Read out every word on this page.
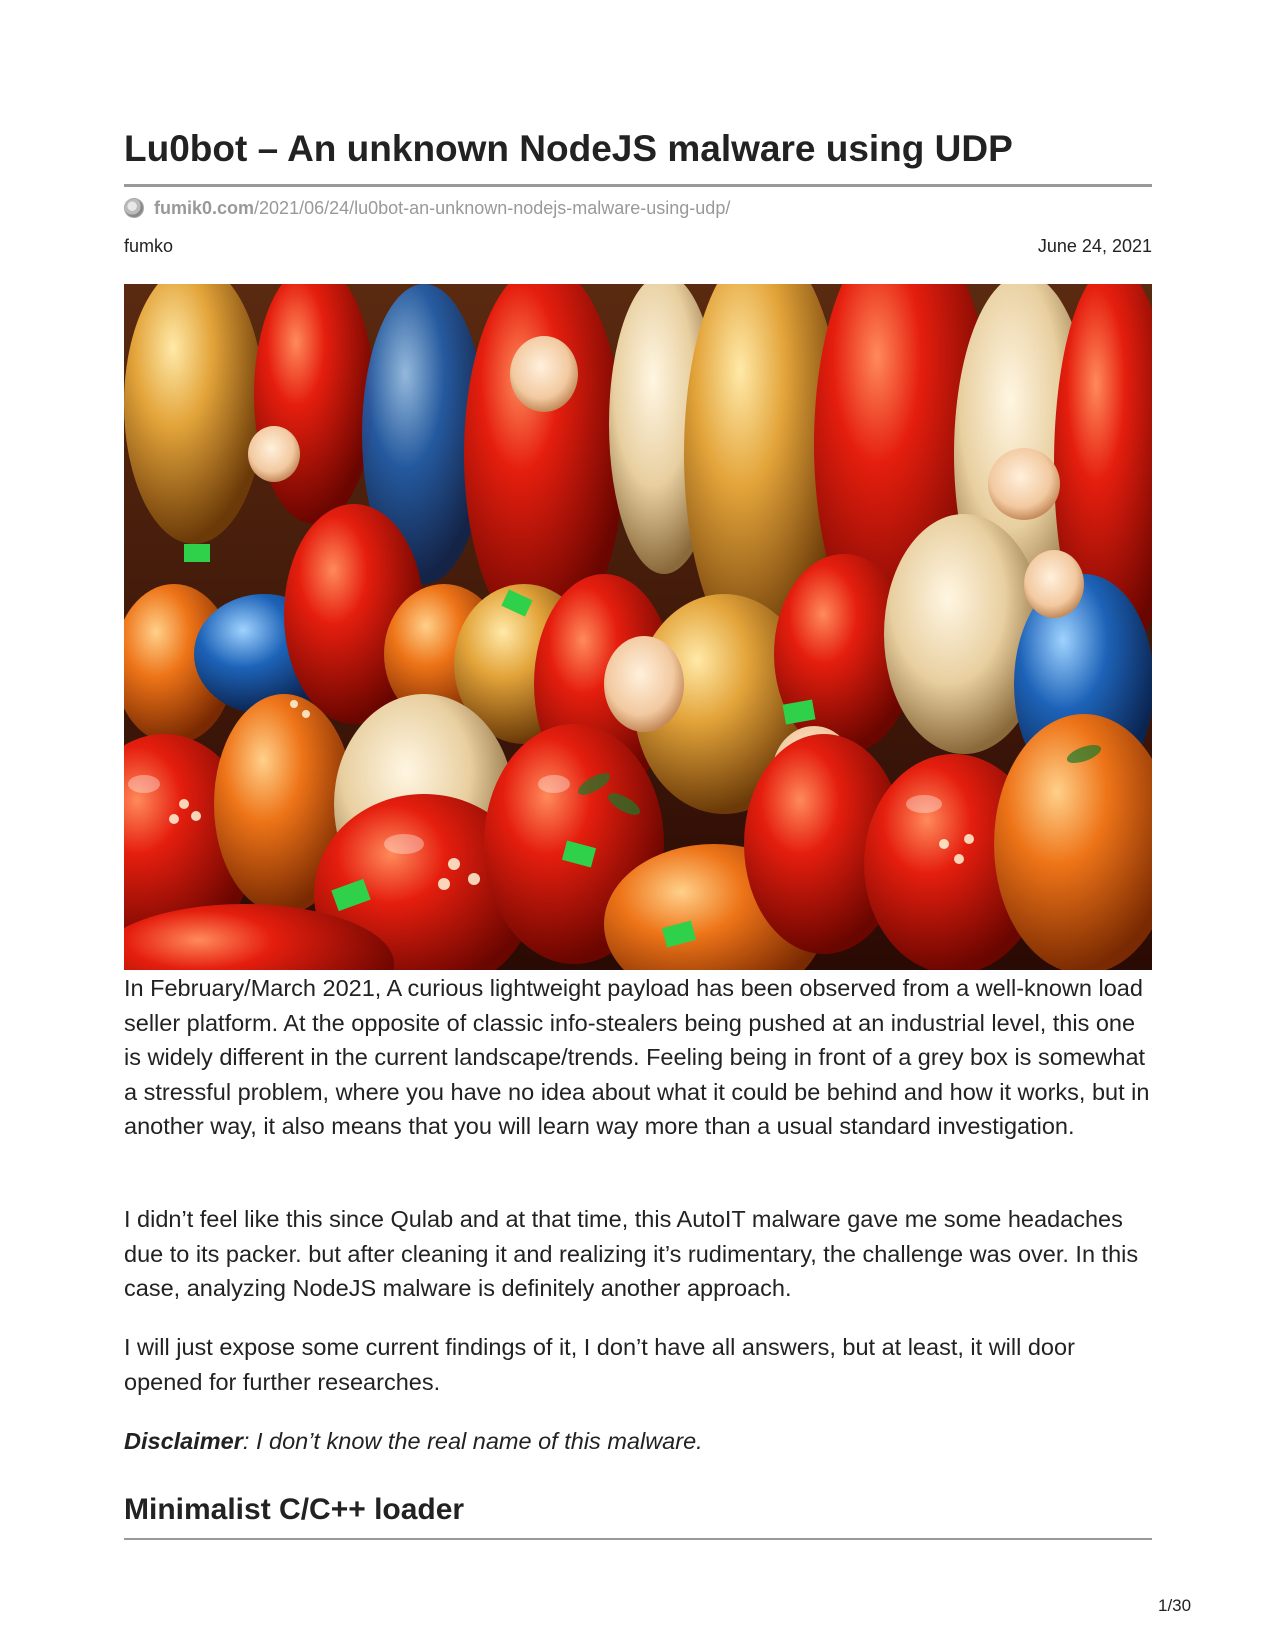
Lu0bot – An unknown NodeJS malware using UDP
fumik0.com /2021/06/24/lu0bot-an-unknown-nodejs-malware-using-udp/
fumko	June 24, 2021

In February/March 2021, A curious lightweight payload has been observed from a well-known load seller platform. At the opposite of classic info-stealers being pushed at an industrial level, this one is widely different in the current landscape/trends. Feeling being in front of a grey box is somewhat a stressful problem, where you have no idea about what it could be behind and how it works, but in another way, it also means that you will learn way more than a usual standard investigation.

I didn’t feel like this since Qulab and at that time, this AutoIT malware gave me some headaches due to its packer. but after cleaning it and realizing it’s rudimentary, the challenge was over. In this case, analyzing NodeJS malware is definitely another approach.

I will just expose some current findings of it, I don’t have all answers, but at least, it will door opened for further researches.

Disclaimer: I don’t know the real name of this malware.

Minimalist C/C++ loader
1/30
